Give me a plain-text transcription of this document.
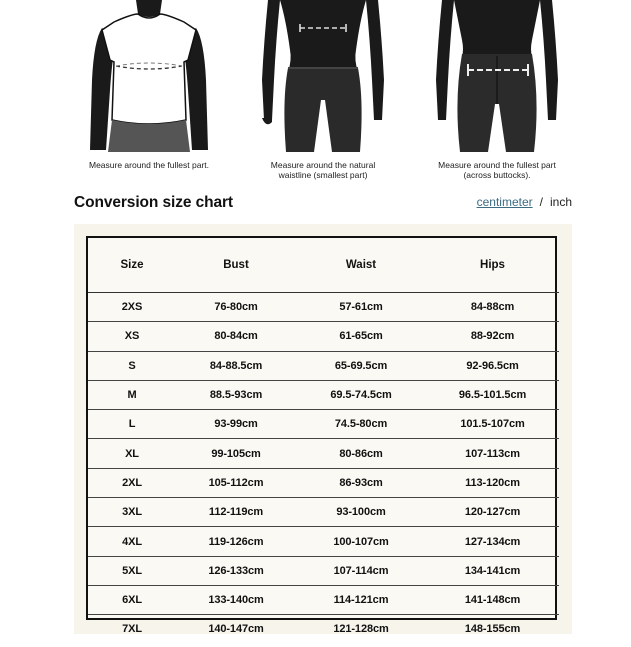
Measure around the fullest part.	Measure around the natural
waistline (smallest part)
Measure around the fullest part
(across buttocks).
Conversion size chart	centimeter / inch
Size	Bust	Waist	Hips
2XS	76-80cm	57-61cm	84-88cm
XS	80-84cm	61-65cm	88-92cm
S	84-88.5cm	65-69.5cm	92-96.5cm
M	88.5-93cm	69.5-74.5cm	96.5-101.5cm
L	93-99cm	74.5-80cm	101.5-107cm
XL	99-105cm	80-86cm	107-113cm
2XL	105-112cm	86-93cm	113-120cm
3XL	112-119cm	93-100cm	120-127cm
4XL	119-126cm	100-107cm	127-134cm
5XL	126-133cm	107-114cm	134-141cm
6XL	133-140cm	114-121cm	141-148cm
7XL	140-147cm	121-128cm	148-155cm
